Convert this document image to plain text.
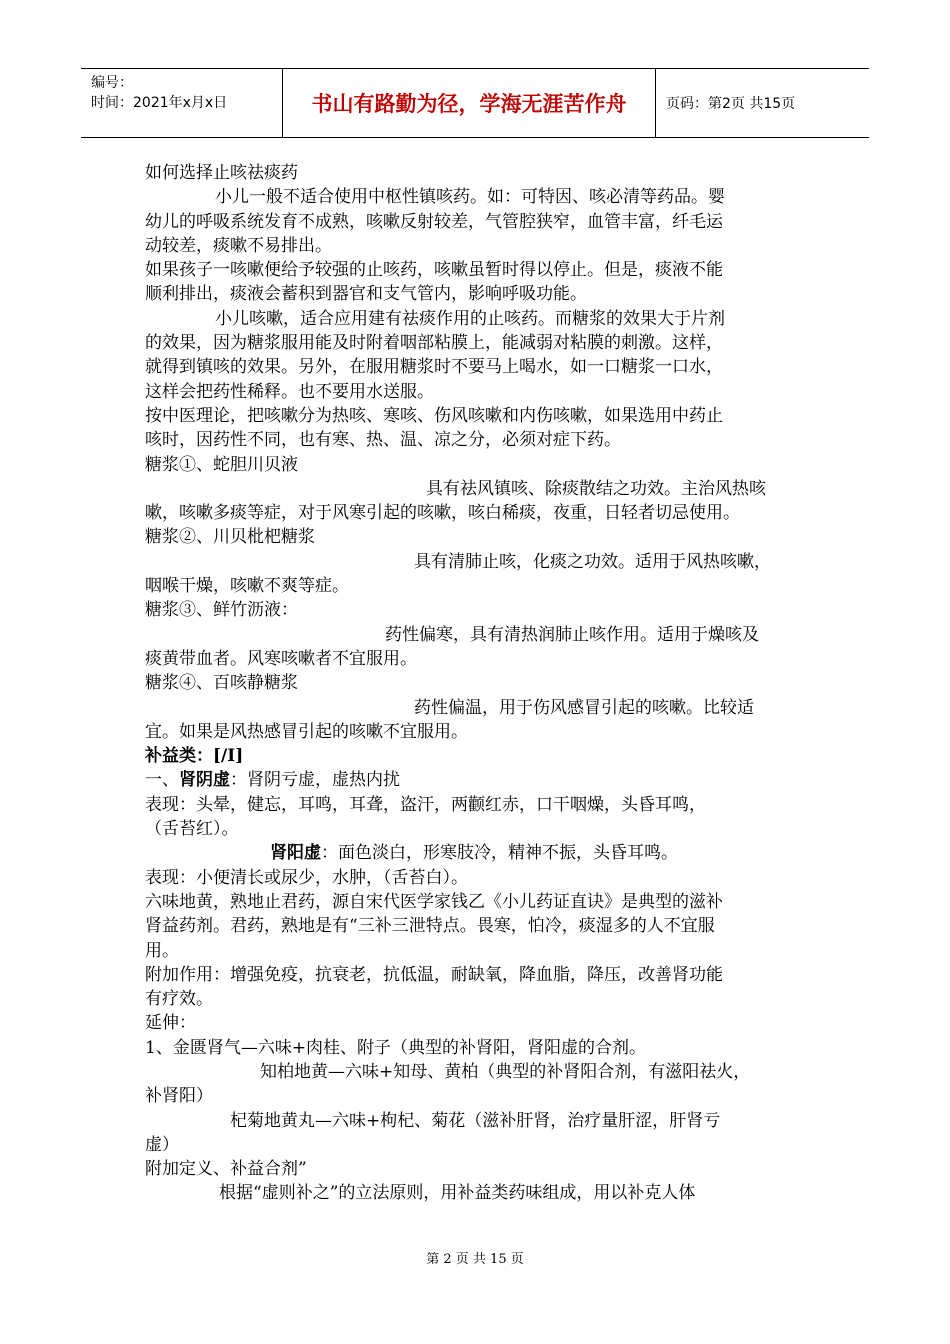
编号：
时间：2021年x月x日	书山有路勤为径，学海无涯苦作舟	页码：第2页 共15页
如何选择止咳祛痰药
小儿一般不适合使用中枢性镇咳药。如：可特因、咳必清等药品。婴
幼儿的呼吸系统发育不成熟，咳嗽反射较差，气管腔狭窄，血管丰富，纤毛运
动较差，痰嗽不易排出。
如果孩子一咳嗽便给予较强的止咳药，咳嗽虽暂时得以停止。但是，痰液不能
顺利排出，痰液会蓄积到器官和支气管内，影响呼吸功能。
小儿咳嗽，适合应用建有祛痰作用的止咳药。而糖浆的效果大于片剂
的效果，因为糖浆服用能及时附着咽部粘膜上，能减弱对粘膜的刺激。这样，
就得到镇咳的效果。另外，在服用糖浆时不要马上喝水，如一口糖浆一口水，
这样会把药性稀释。也不要用水送服。
按中医理论，把咳嗽分为热咳、寒咳、伤风咳嗽和内伤咳嗽，如果选用中药止
咳时，因药性不同，也有寒、热、温、凉之分，必须对症下药。
糖浆①、蛇胆川贝液
具有祛风镇咳、除痰散结之功效。主治风热咳
嗽，咳嗽多痰等症，对于风寒引起的咳嗽，咳白稀痰，夜重，日轻者切忌使用。
糖浆②、川贝枇杷糖浆
具有清肺止咳，化痰之功效。适用于风热咳嗽，
咽喉干燥，咳嗽不爽等症。
糖浆③、鲜竹沥液：
药性偏寒，具有清热润肺止咳作用。适用于燥咳及
痰黄带血者。风寒咳嗽者不宜服用。
糖浆④、百咳静糖浆
药性偏温，用于伤风感冒引起的咳嗽。比较适
宜。如果是风热感冒引起的咳嗽不宜服用。
补益类：[/I]
一、肾阴虚：肾阴亏虚，虚热内扰
表现：头晕，健忘，耳鸣，耳聋，盗汗，两颧红赤，口干咽燥，头昏耳鸣，
（舌苔红）。
肾阳虚：面色淡白，形寒肢冷，精神不振，头昏耳鸣。
表现：小便清长或尿少，水肿，（舌苔白）。
六味地黄，熟地止君药，源自宋代医学家钱乙《小儿药证直诀》是典型的滋补
肾益药剂。君药，熟地是有“三补三泄特点。畏寒，怕冷，痰湿多的人不宜服
用。
附加作用：增强免疫，抗衰老，抗低温，耐缺氧，降血脂，降压，改善肾功能
有疗效。
延伸：
1、金匮肾气—六味+肉桂、附子（典型的补肾阳，肾阳虚的合剂。
知柏地黄—六味+知母、黄柏（典型的补肾阳合剂，有滋阳祛火，
补肾阳）
杞菊地黄丸—六味+枸杞、菊花（滋补肝肾，治疗量肝涩，肝肾亏
虚）
附加定义、补益合剂”
根据“虚则补之”的立法原则，用补益类药味组成，用以补克人体
第 2 页 共 15 页
